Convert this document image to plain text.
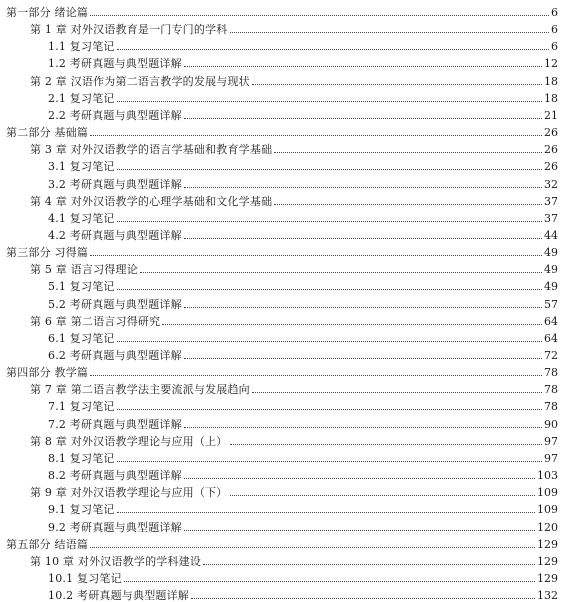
第一部分 绪论篇	6
第 1 章 对外汉语教育是一门专门的学科	6
1.1 复习笔记	6
1.2 考研真题与典型题详解	12
第 2 章 汉语作为第二语言教学的发展与现状	18
2.1 复习笔记	18
2.2 考研真题与典型题详解	21
第二部分 基础篇	26
第 3 章 对外汉语教学的语言学基础和教育学基础	26
3.1 复习笔记	26
3.2 考研真题与典型题详解	32
第 4 章 对外汉语教学的心理学基础和文化学基础	37
4.1 复习笔记	37
4.2 考研真题与典型题详解	44
第三部分 习得篇	49
第 5 章 语言习得理论	49
5.1 复习笔记	49
5.2 考研真题与典型题详解	57
第 6 章 第二语言习得研究	64
6.1 复习笔记	64
6.2 考研真题与典型题详解	72
第四部分 教学篇	78
第 7 章 第二语言教学法主要流派与发展趋向	78
7.1 复习笔记	78
7.2 考研真题与典型题详解	90
第 8 章 对外汉语教学理论与应用（上）	97
8.1 复习笔记	97
8.2 考研真题与典型题详解	103
第 9 章 对外汉语教学理论与应用（下）	109
9.1 复习笔记	109
9.2 考研真题与典型题详解	120
第五部分 结语篇	129
第 10 章 对外汉语教学的学科建设	129
10.1 复习笔记	129
10.2 考研真题与典型题详解	132
